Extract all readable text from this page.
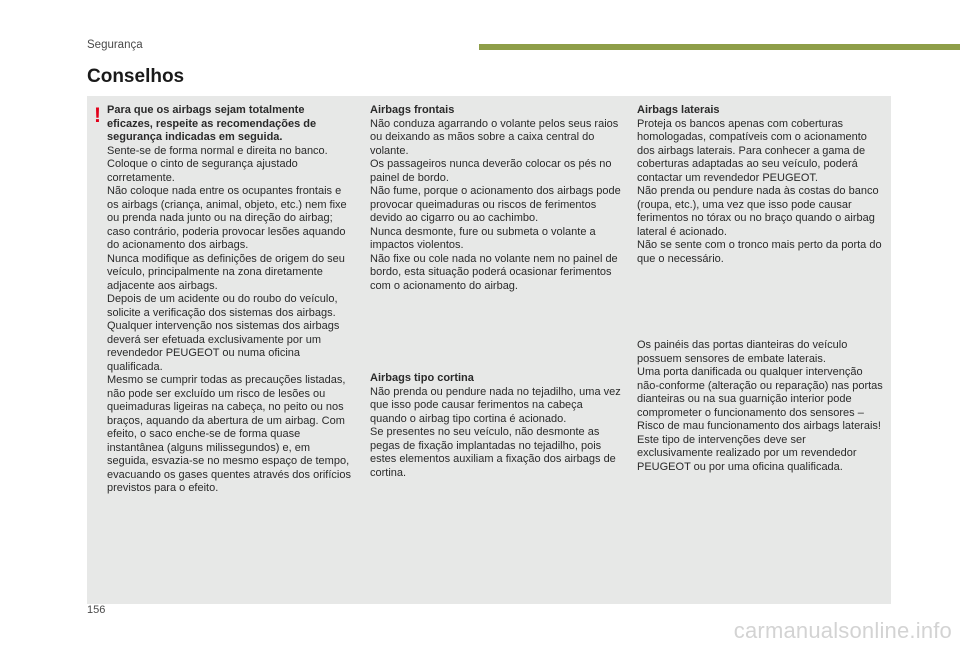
Segurança
Conselhos
! Para que os airbags sejam totalmente eficazes, respeite as recomendações de segurança indicadas em seguida.

Sente-se de forma normal e direita no banco.
Coloque o cinto de segurança ajustado corretamente.
Não coloque nada entre os ocupantes frontais e os airbags (criança, animal, objeto, etc.) nem fixe ou prenda nada junto ou na direção do airbag; caso contrário, poderia provocar lesões aquando do acionamento dos airbags.
Nunca modifique as definições de origem do seu veículo, principalmente na zona diretamente adjacente aos airbags.
Depois de um acidente ou do roubo do veículo, solicite a verificação dos sistemas dos airbags.
Qualquer intervenção nos sistemas dos airbags deverá ser efetuada exclusivamente por um revendedor PEUGEOT ou numa oficina qualificada.
Mesmo se cumprir todas as precauções listadas, não pode ser excluído um risco de lesões ou queimaduras ligeiras na cabeça, no peito ou nos braços, aquando da abertura de um airbag. Com efeito, o saco enche-se de forma quase instantânea (alguns milissegundos) e, em seguida, esvazia-se no mesmo espaço de tempo, evacuando os gases quentes através dos orifícios previstos para o efeito.

Airbags frontais

Não conduza agarrando o volante pelos seus raios ou deixando as mãos sobre a caixa central do volante.
Os passageiros nunca deverão colocar os pés no painel de bordo.
Não fume, porque o acionamento dos airbags pode provocar queimaduras ou riscos de ferimentos devido ao cigarro ou ao cachimbo.
Nunca desmonte, fure ou submeta o volante a impactos violentos.
Não fixe ou cole nada no volante nem no painel de bordo, esta situação poderá ocasionar ferimentos com o acionamento do airbag.

Airbags tipo cortina

Não prenda ou pendure nada no tejadilho, uma vez que isso pode causar ferimentos na cabeça quando o airbag tipo cortina é acionado.
Se presentes no seu veículo, não desmonte as pegas de fixação implantadas no tejadilho, pois estes elementos auxiliam a fixação dos airbags de cortina.

Airbags laterais

Proteja os bancos apenas com coberturas homologadas, compatíveis com o acionamento dos airbags laterais. Para conhecer a gama de coberturas adaptadas ao seu veículo, poderá contactar um revendedor PEUGEOT.
Não prenda ou pendure nada às costas do banco (roupa, etc.), uma vez que isso pode causar ferimentos no tórax ou no braço quando o airbag lateral é acionado.
Não se sente com o tronco mais perto da porta do que o necessário.

Os painéis das portas dianteiras do veículo possuem sensores de embate laterais.
Uma porta danificada ou qualquer intervenção não-conforme (alteração ou reparação) nas portas dianteiras ou na sua guarnição interior pode comprometer o funcionamento dos sensores – Risco de mau funcionamento dos airbags laterais!
Este tipo de intervenções deve ser exclusivamente realizado por um revendedor PEUGEOT ou por uma oficina qualificada.

156
carmanualsonline.info
